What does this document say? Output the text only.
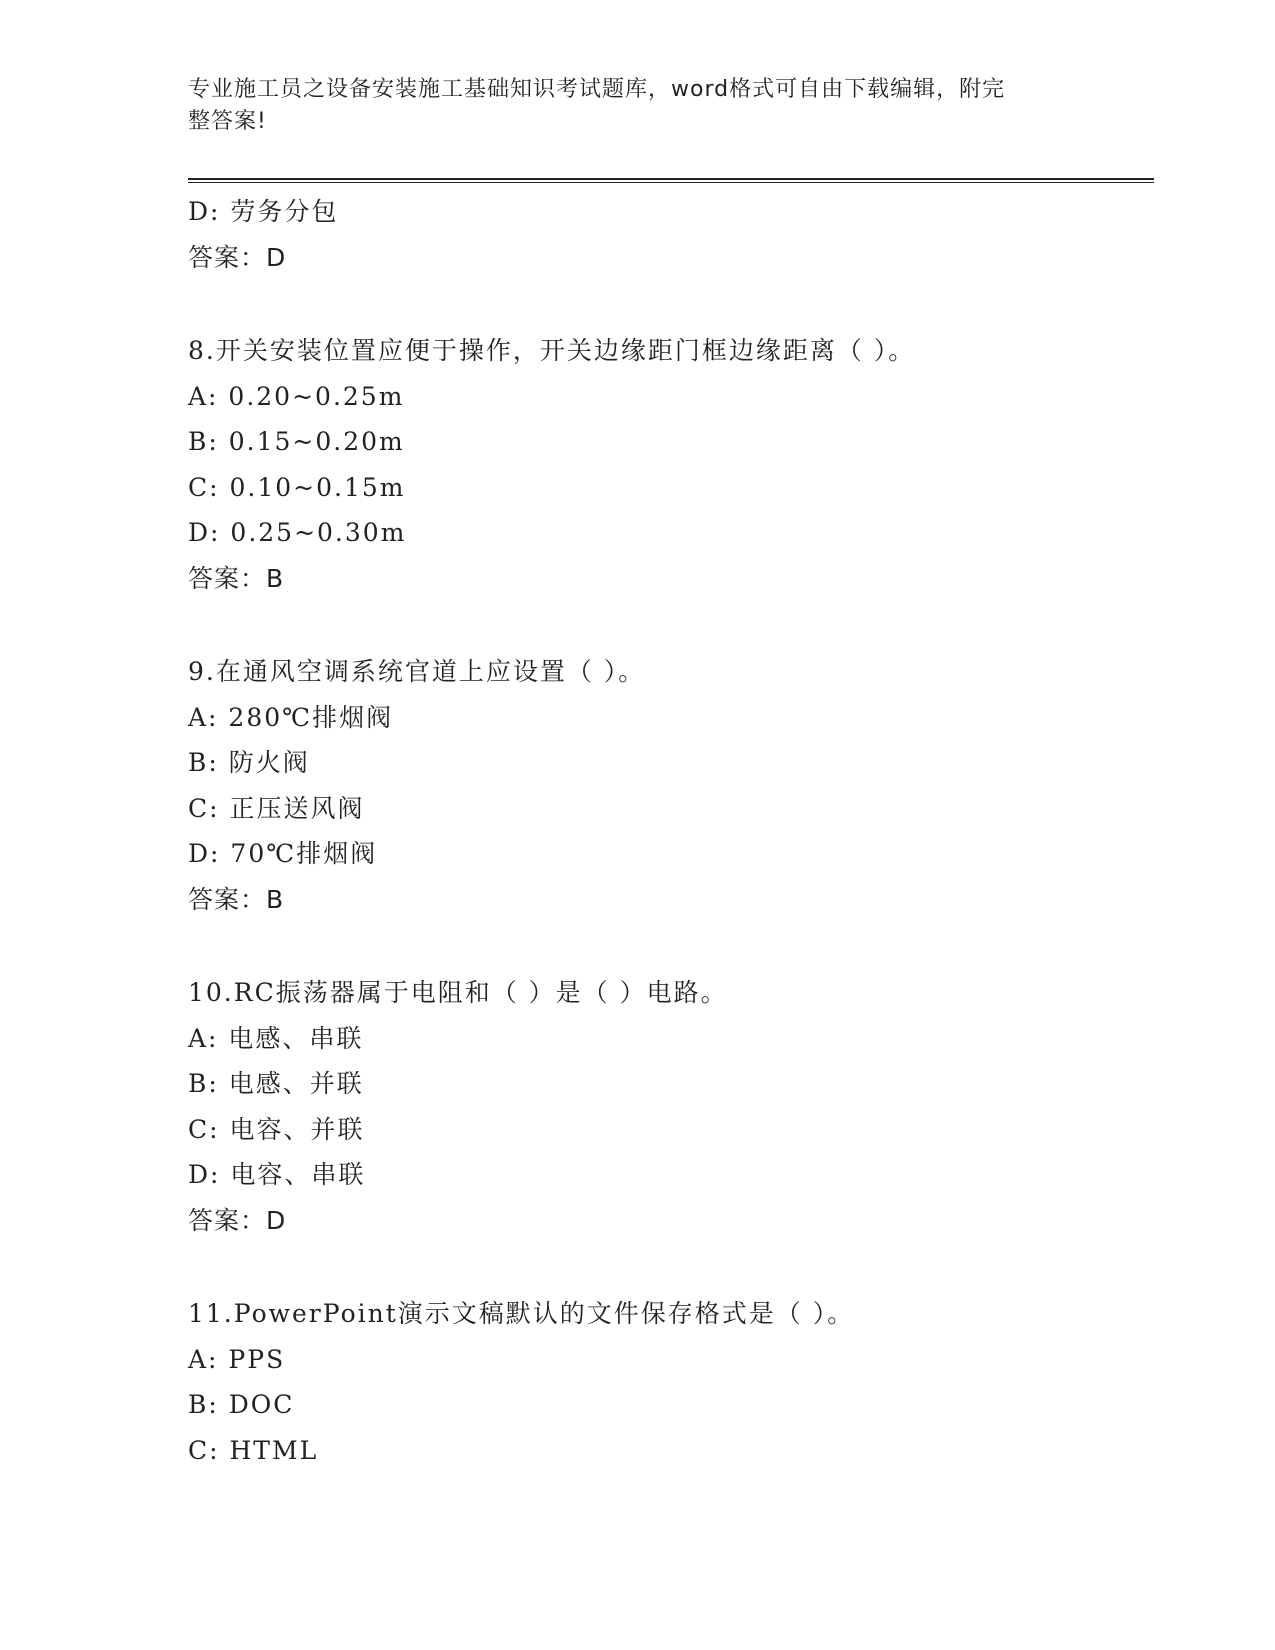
专业施工员之设备安装施工基础知识考试题库，word格式可自由下载编辑，附完
整答案!
D: 劳务分包
答案：D
8.开关安装位置应便于操作，开关边缘距门框边缘距离（ ）。
A: 0.20~0.25m
B: 0.15~0.20m
C: 0.10~0.15m
D: 0.25~0.30m
答案：B
9.在通风空调系统官道上应设置（ ）。
A: 280℃排烟阀
B: 防火阀
C: 正压送风阀
D: 70℃排烟阀
答案：B
10.RC振荡器属于电阻和（ ）是（ ）电路。
A: 电感、串联
B: 电感、并联
C: 电容、并联
D: 电容、串联
答案：D
11.PowerPoint演示文稿默认的文件保存格式是（ ）。
A: PPS
B: DOC
C: HTML
